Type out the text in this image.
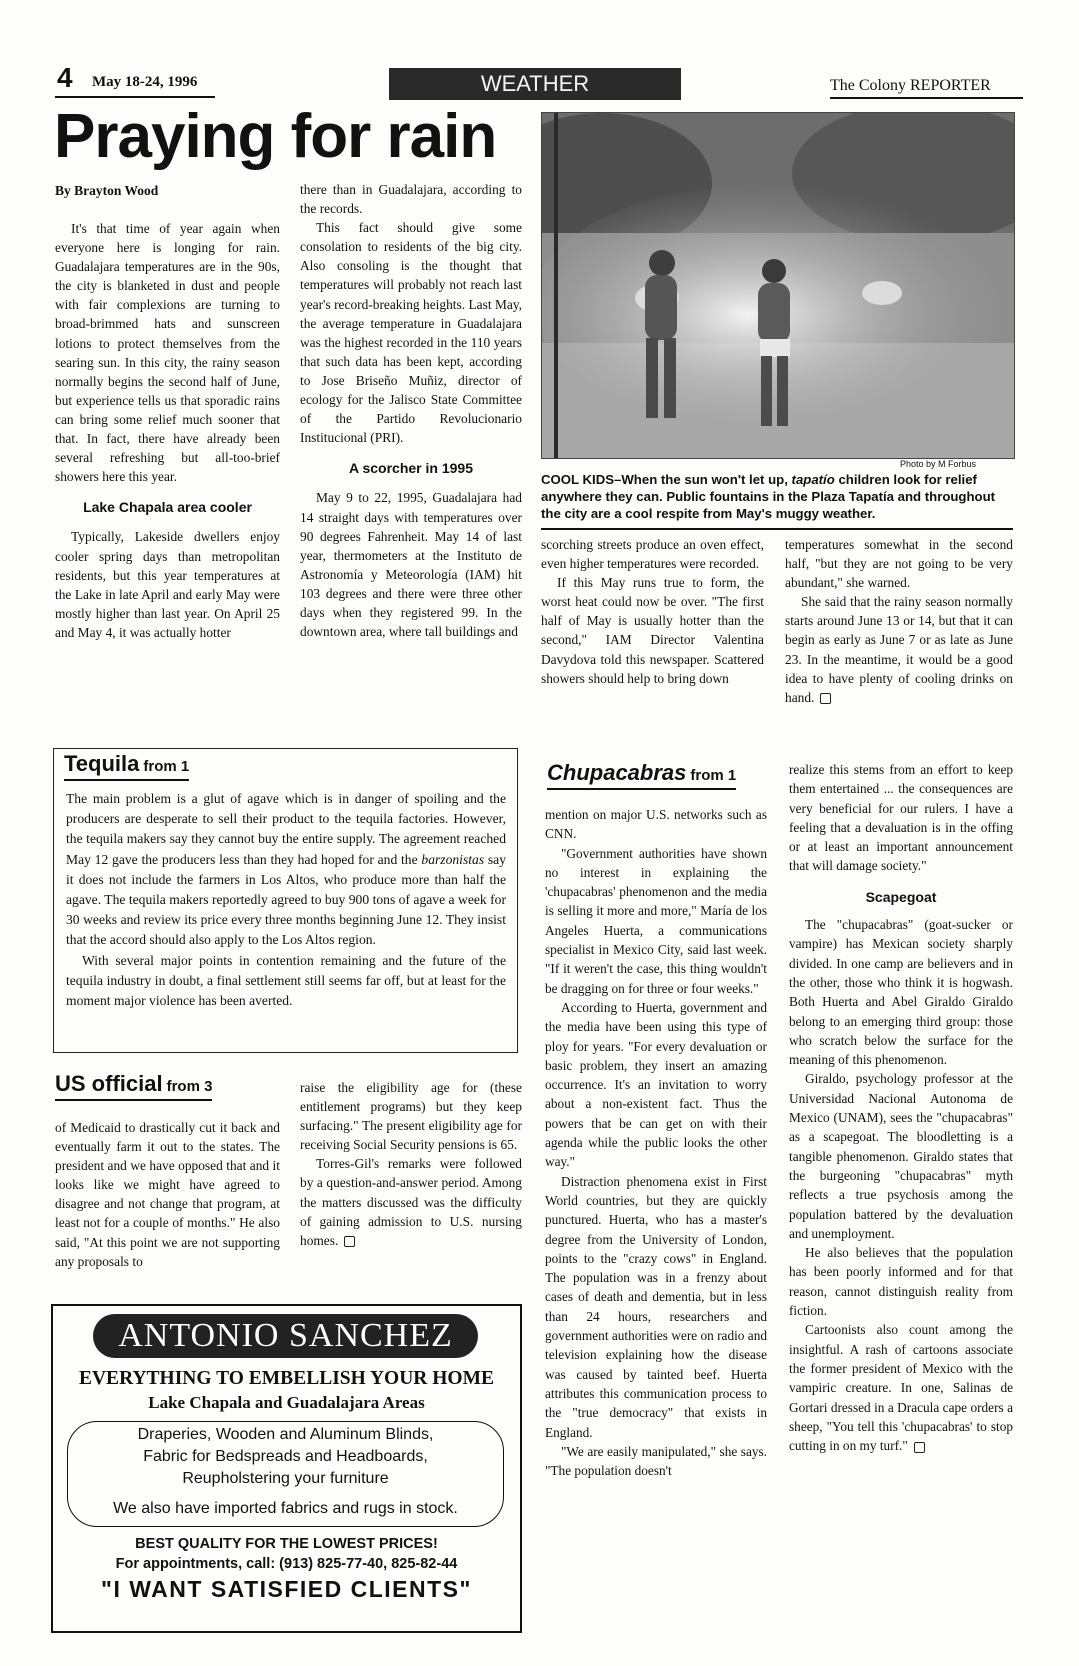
4 May 18-24, 1996	WEATHER	The Colony REPORTER
Praying for rain
By Brayton Wood

It's that time of year again when everyone here is longing for rain. Guadalajara temperatures are in the 90s, the city is blanketed in dust and people with fair complexions are turning to broad-brimmed hats and sunscreen lotions to protect themselves from the searing sun. In this city, the rainy season normally begins the second half of June, but experience tells us that sporadic rains can bring some relief much sooner that that. In fact, there have already been several refreshing but all-too-brief showers here this year.

Lake Chapala area cooler

Typically, Lakeside dwellers enjoy cooler spring days than metropolitan residents, but this year temperatures at the Lake in late April and early May were mostly higher than last year. On April 25 and May 4, it was actually hotter

there than in Guadalajara, according to the records.

This fact should give some consolation to residents of the big city. Also consoling is the thought that temperatures will probably not reach last year's record-breaking heights. Last May, the average temperature in Guadalajara was the highest recorded in the 110 years that such data has been kept, according to Jose Briseño Muñiz, director of ecology for the Jalisco State Committee of the Partido Revolucionario Institucional (PRI).

A scorcher in 1995

May 9 to 22, 1995, Guadalajara had 14 straight days with temperatures over 90 degrees Fahrenheit. May 14 of last year, thermometers at the Instituto de Astronomía y Meteorología (IAM) hit 103 degrees and there were three other days when they registered 99. In the downtown area, where tall buildings and

Photo by M Forbus
COOL KIDS–When the sun won't let up, tapatío children look for relief anywhere they can. Public fountains in the Plaza Tapatía and throughout the city are a cool respite from May's muggy weather.

scorching streets produce an oven effect, even higher temperatures were recorded.

If this May runs true to form, the worst heat could now be over. "The first half of May is usually hotter than the second," IAM Director Valentina Davydova told this newspaper. Scattered showers should help to bring down

temperatures somewhat in the second half, "but they are not going to be very abundant," she warned.

She said that the rainy season normally starts around June 13 or 14, but that it can begin as early as June 7 or as late as June 23. In the meantime, it would be a good idea to have plenty of cooling drinks on hand.

Tequila from 1

The main problem is a glut of agave which is in danger of spoiling and the producers are desperate to sell their product to the tequila factories. However, the tequila makers say they cannot buy the entire supply. The agreement reached May 12 gave the producers less than they had hoped for and the barzonistas say it does not include the farmers in Los Altos, who produce more than half the agave. The tequila makers reportedly agreed to buy 900 tons of agave a week for 30 weeks and review its price every three months beginning June 12. They insist that the accord should also apply to the Los Altos region.

With several major points in contention remaining and the future of the tequila industry in doubt, a final settlement still seems far off, but at least for the moment major violence has been averted.

US official from 3

of Medicaid to drastically cut it back and eventually farm it out to the states. The president and we have opposed that and it looks like we might have agreed to disagree and not change that program, at least not for a couple of months." He also said, "At this point we are not supporting any proposals to

raise the eligibility age for (these entitlement programs) but they keep surfacing." The present eligibility age for receiving Social Security pensions is 65.

Torres-Gil's remarks were followed by a question-and-answer period. Among the matters discussed was the difficulty of gaining admission to U.S. nursing homes.

ANTONIO SANCHEZ
EVERYTHING TO EMBELLISH YOUR HOME
Lake Chapala and Guadalajara Areas
Draperies, Wooden and Aluminum Blinds,
Fabric for Bedspreads and Headboards,
Reupholstering your furniture
We also have imported fabrics and rugs in stock.
BEST QUALITY FOR THE LOWEST PRICES!
For appointments, call: (913) 825-77-40, 825-82-44
"I WANT SATISFIED CLIENTS"
Chupacabras from 1

mention on major U.S. networks such as CNN.

"Government authorities have shown no interest in explaining the 'chupacabras' phenomenon and the media is selling it more and more," María de los Angeles Huerta, a communications specialist in Mexico City, said last week. "If it weren't the case, this thing wouldn't be dragging on for three or four weeks."

According to Huerta, government and the media have been using this type of ploy for years. "For every devaluation or basic problem, they insert an amazing occurrence. It's an invitation to worry about a non-existent fact. Thus the powers that be can get on with their agenda while the public looks the other way."

Distraction phenomena exist in First World countries, but they are quickly punctured. Huerta, who has a master's degree from the University of London, points to the "crazy cows" in England. The population was in a frenzy about cases of death and dementia, but in less than 24 hours, researchers and government authorities were on radio and television explaining how the disease was caused by tainted beef. Huerta attributes this communication process to the "true democracy" that exists in England.

"We are easily manipulated," she says. "The population doesn't

realize this stems from an effort to keep them entertained ... the consequences are very beneficial for our rulers. I have a feeling that a devaluation is in the offing or at least an important announcement that will damage society."

Scapegoat

The "chupacabras" (goat-sucker or vampire) has Mexican society sharply divided. In one camp are believers and in the other, those who think it is hogwash. Both Huerta and Abel Giraldo Giraldo belong to an emerging third group: those who scratch below the surface for the meaning of this phenomenon.

Giraldo, psychology professor at the Universidad Nacional Autonoma de Mexico (UNAM), sees the "chupacabras" as a scapegoat. The bloodletting is a tangible phenomenon. Giraldo states that the burgeoning "chupacabras" myth reflects a true psychosis among the population battered by the devaluation and unemployment.

He also believes that the population has been poorly informed and for that reason, cannot distinguish reality from fiction.

Cartoonists also count among the insightful. A rash of cartoons associate the former president of Mexico with the vampiric creature. In one, Salinas de Gortari dressed in a Dracula cape orders a sheep, "You tell this 'chupacabras' to stop cutting in on my turf."
